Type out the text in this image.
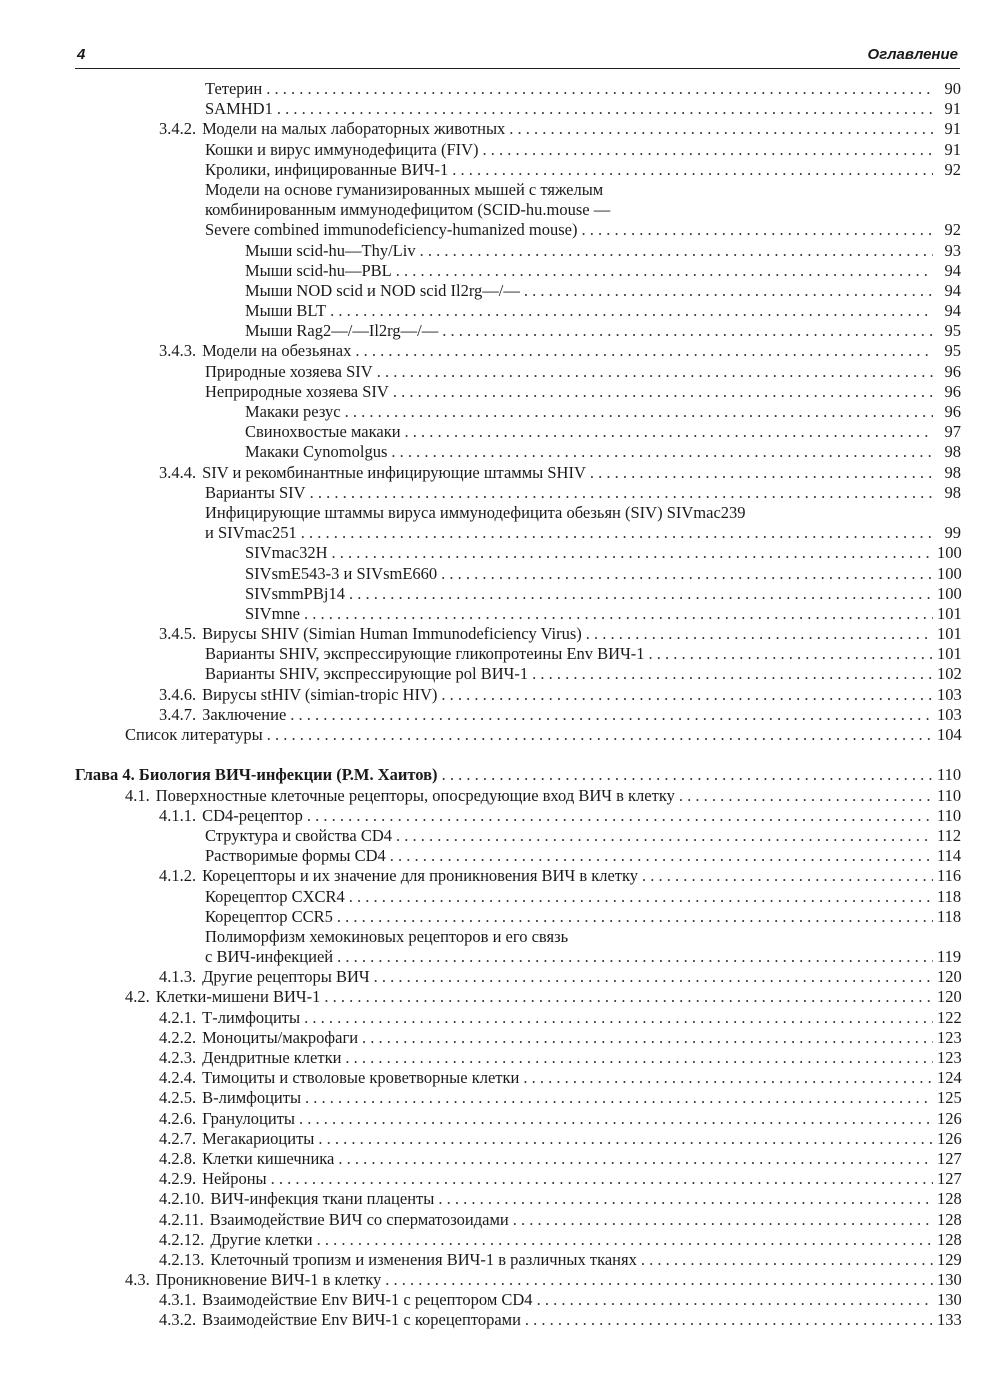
4	Оглавление
Тетерин . . .	90
SAMHD1 . . .	91
3.4.2. Модели на малых лабораторных животных . . .	91
Кошки и вирус иммунодефицита (FIV) . . .	91
Кролики, инфицированные ВИЧ-1 . . .	92
Модели на основе гуманизированных мышей с тяжелым
комбинированным иммунодефицитом (SCID-hu.mouse —
Severe combined immunodeficiency-humanized mouse) . . .	92
Мыши scid-hu—Thy/Liv . . .	93
Мыши scid-hu—PBL . . .	94
Мыши NOD scid и NOD scid Il2rg—/— . . .	94
Мыши BLT . . .	94
Мыши Rag2—/—Il2rg—/— . . .	95
3.4.3. Модели на обезьянах . . .	95
Природные хозяева SIV . . .	96
Неприродные хозяева SIV . . .	96
Макаки резус . . .	96
Свинохвостые макаки . . .	97
Макаки Cynomolgus . . .	98
3.4.4. SIV и рекомбинантные инфицирующие штаммы SHIV . . .	98
Варианты SIV . . .	98
Инфицирующие штаммы вируса иммунодефицита обезьян (SIV) SIVmac239
и SIVmac251 . . .	99
SIVmac32H . . .	100
SIVsmE543-3 и SIVsmE660 . . .	100
SIVsmmPBj14 . . .	100
SIVmne . . .	101
3.4.5. Вирусы SHIV (Simian Human Immunodeficiency Virus) . . .	101
Варианты SHIV, экспрессирующие гликопротеины Env ВИЧ-1 . . .	101
Варианты SHIV, экспрессирующие pol ВИЧ-1 . . .	102
3.4.6. Вирусы stHIV (simian-tropic HIV) . . .	103
3.4.7. Заключение . . .	103
Список литературы . . .	104
Глава 4. Биология ВИЧ-инфекции (Р.М. Хаитов) . . .	110
4.1. Поверхностные клеточные рецепторы, опосредующие вход ВИЧ в клетку . . .	110
4.1.1. CD4-рецептор . . .	110
Структура и свойства CD4 . . .	112
Растворимые формы CD4 . . .	114
4.1.2. Корецепторы и их значение для проникновения ВИЧ в клетку . . .	116
Корецептор CXCR4 . . .	118
Корецептор CCR5 . . .	118
Полиморфизм хемокиновых рецепторов и его связь
с ВИЧ-инфекцией . . .	119
4.1.3. Другие рецепторы ВИЧ . . .	120
4.2. Клетки-мишени ВИЧ-1 . . .	120
4.2.1. Т-лимфоциты . . .	122
4.2.2. Моноциты/макрофаги . . .	123
4.2.3. Дендритные клетки . . .	123
4.2.4. Тимоциты и стволовые кроветворные клетки . . .	124
4.2.5. B-лимфоциты . . .	125
4.2.6. Гранулоциты . . .	126
4.2.7. Мегакариоциты . . .	126
4.2.8. Клетки кишечника . . .	127
4.2.9. Нейроны . . .	127
4.2.10. ВИЧ-инфекция ткани плаценты . . .	128
4.2.11. Взаимодействие ВИЧ со сперматозоидами . . .	128
4.2.12. Другие клетки . . .	128
4.2.13. Клеточный тропизм и изменения ВИЧ-1 в различных тканях . . .	129
4.3. Проникновение ВИЧ-1 в клетку . . .	130
4.3.1. Взаимодействие Env ВИЧ-1 с рецептором CD4 . . .	130
4.3.2. Взаимодействие Env ВИЧ-1 с корецепторами . . .	133
